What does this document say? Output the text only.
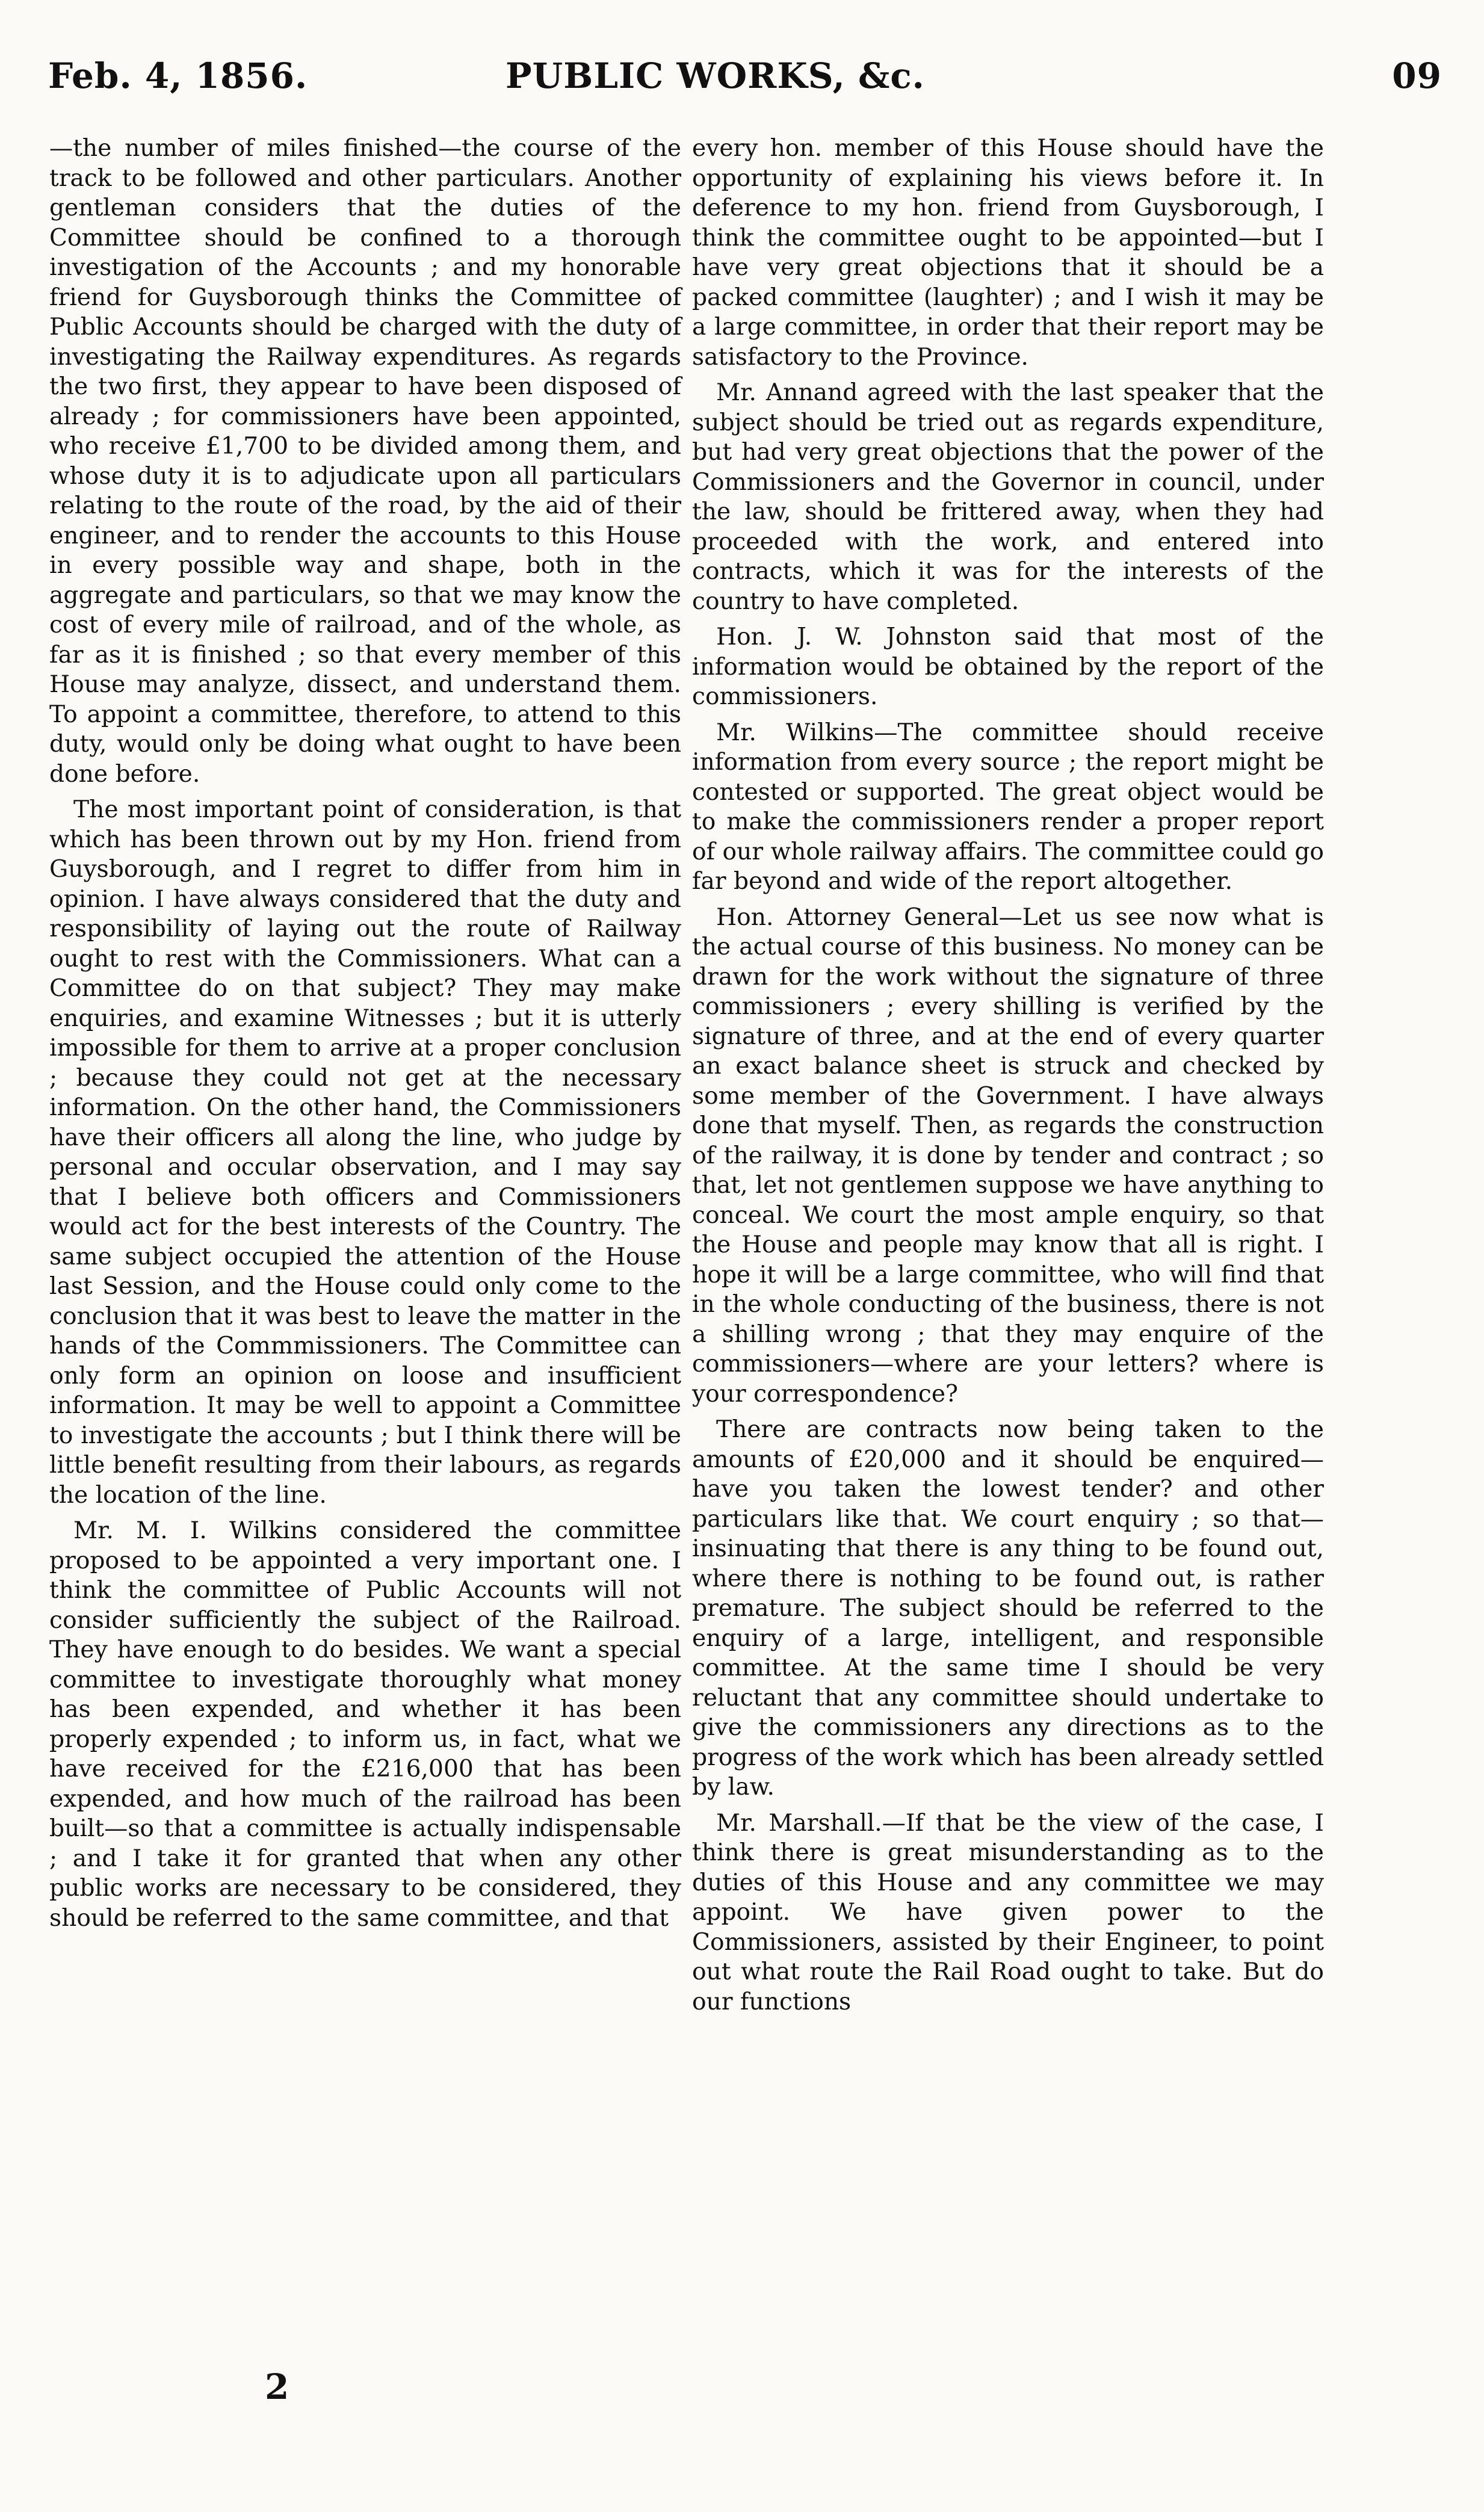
Feb. 4, 1856.	PUBLIC WORKS, &c.	09

—the number of miles finished—the course of the track to be followed and other particulars. Another gentleman considers that the duties of the Committee should be confined to a thorough investigation of the Accounts ; and my honorable friend for Guysborough thinks the Committee of Public Accounts should be charged with the duty of investigating the Railway expenditures. As regards the two first, they appear to have been disposed of already ; for commissioners have been appointed, who receive £1,700 to be divided among them, and whose duty it is to adjudicate upon all particulars relating to the route of the road, by the aid of their engineer, and to render the accounts to this House in every possible way and shape, both in the aggregate and particulars, so that we may know the cost of every mile of railroad, and of the whole, as far as it is finished ; so that every member of this House may analyze, dissect, and understand them. To appoint a committee, therefore, to attend to this duty, would only be doing what ought to have been done before.

The most important point of consideration, is that which has been thrown out by my Hon. friend from Guysborough, and I regret to differ from him in opinion. I have always considered that the duty and responsibility of laying out the route of Railway ought to rest with the Commissioners. What can a Committee do on that subject? They may make enquiries, and examine Witnesses ; but it is utterly impossible for them to arrive at a proper conclusion ; because they could not get at the necessary information. On the other hand, the Commissioners have their officers all along the line, who judge by personal and occular observation, and I may say that I believe both officers and Commissioners would act for the best interests of the Country. The same subject occupied the attention of the House last Session, and the House could only come to the conclusion that it was best to leave the matter in the hands of the Commmissioners. The Committee can only form an opinion on loose and insufficient information. It may be well to appoint a Committee to investigate the accounts ; but I think there will be little benefit resulting from their labours, as regards the location of the line.

Mr. M. I. Wilkins considered the committee proposed to be appointed a very important one. I think the committee of Public Accounts will not consider sufficiently the subject of the Railroad. They have enough to do besides. We want a special committee to investigate thoroughly what money has been expended, and whether it has been properly expended ; to inform us, in fact, what we have received for the £216,000 that has been expended, and how much of the railroad has been built—so that a committee is actually indispensable ; and I take it for granted that when any other public works are necessary to be considered, they should be referred to the same committee, and that

2

every hon. member of this House should have the opportunity of explaining his views before it. In deference to my hon. friend from Guysborough, I think the committee ought to be appointed—but I have very great objections that it should be a packed committee (laughter) ; and I wish it may be a large committee, in order that their report may be satisfactory to the Province.

Mr. Annand agreed with the last speaker that the subject should be tried out as regards expenditure, but had very great objections that the power of the Commissioners and the Governor in council, under the law, should be frittered away, when they had proceeded with the work, and entered into contracts, which it was for the interests of the country to have completed.

Hon. J. W. Johnston said that most of the information would be obtained by the report of the commissioners.

Mr. Wilkins—The committee should receive information from every source ; the report might be contested or supported. The great object would be to make the commissioners render a proper report of our whole railway affairs. The committee could go far beyond and wide of the report altogether.

Hon. Attorney General—Let us see now what is the actual course of this business. No money can be drawn for the work without the signature of three commissioners ; every shilling is verified by the signature of three, and at the end of every quarter an exact balance sheet is struck and checked by some member of the Government. I have always done that myself. Then, as regards the construction of the railway, it is done by tender and contract ; so that, let not gentlemen suppose we have anything to conceal. We court the most ample enquiry, so that the House and people may know that all is right. I hope it will be a large committee, who will find that in the whole conducting of the business, there is not a shilling wrong ; that they may enquire of the commissioners—where are your letters? where is your correspondence?

There are contracts now being taken to the amounts of £20,000 and it should be enquired—have you taken the lowest tender? and other particulars like that. We court enquiry ; so that—insinuating that there is any thing to be found out, where there is nothing to be found out, is rather premature. The subject should be referred to the enquiry of a large, intelligent, and responsible committee. At the same time I should be very reluctant that any committee should undertake to give the commissioners any directions as to the progress of the work which has been already settled by law.

Mr. Marshall.—If that be the view of the case, I think there is great misunderstanding as to the duties of this House and any committee we may appoint. We have given power to the Commissioners, assisted by their Engineer, to point out what route the Rail Road ought to take. But do our functions
